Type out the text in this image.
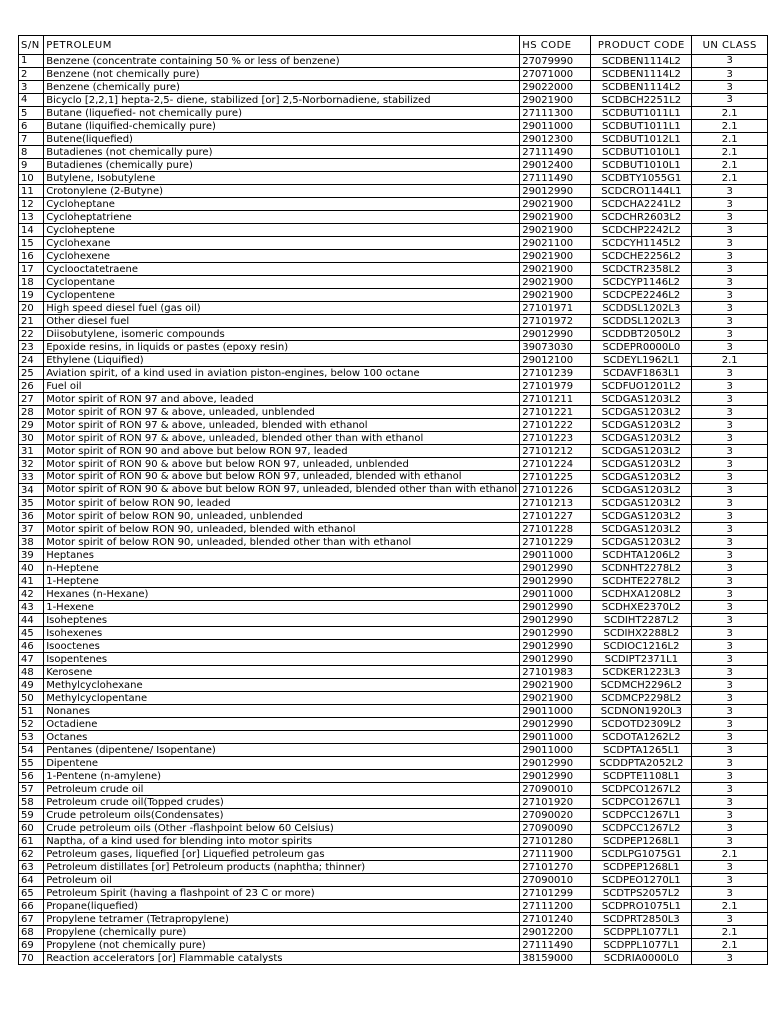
S/N	PETROLEUM	HS CODE	PRODUCT CODE	UN CLASS
1	Benzene (concentrate containing 50 % or less of benzene)	27079990	SCDBEN1114L2	3
2	Benzene (not chemically pure)	27071000	SCDBEN1114L2	3
3	Benzene (chemically pure)	29022000	SCDBEN1114L2	3
4	Bicyclo [2,2,1] hepta-2,5- diene, stabilized [or] 2,5-Norbornadiene, stabilized	29021900	SCDBCH2251L2	3
5	Butane (liquefied- not chemically pure)	27111300	SCDBUT1011L1	2.1
6	Butane (liquified-chemically pure)	29011000	SCDBUT1011L1	2.1
7	Butene(liquefied)	29012300	SCDBUT1012L1	2.1
8	Butadienes (not chemically pure)	27111490	SCDBUT1010L1	2.1
9	Butadienes (chemically pure)	29012400	SCDBUT1010L1	2.1
10	Butylene, Isobutylene	27111490	SCDBTY1055G1	2.1
11	Crotonylene (2-Butyne)	29012990	SCDCRO1144L1	3
12	Cycloheptane	29021900	SCDCHA2241L2	3
13	Cycloheptatriene	29021900	SCDCHR2603L2	3
14	Cycloheptene	29021900	SCDCHP2242L2	3
15	Cyclohexane	29021100	SCDCYH1145L2	3
16	Cyclohexene	29021900	SCDCHE2256L2	3
17	Cyclooctatetraene	29021900	SCDCTR2358L2	3
18	Cyclopentane	29021900	SCDCYP1146L2	3
19	Cyclopentene	29021900	SCDCPE2246L2	3
20	High speed diesel fuel (gas oil)	27101971	SCDDSL1202L3	3
21	Other diesel fuel	27101972	SCDDSL1202L3	3
22	Diisobutylene, isomeric compounds	29012990	SCDDBT2050L2	3
23	Epoxide resins, in liquids or pastes (epoxy resin)	39073030	SCDEPR0000L0	3
24	Ethylene (Liquified)	29012100	SCDEYL1962L1	2.1
25	Aviation spirit, of a kind used in aviation piston-engines, below 100 octane	27101239	SCDAVF1863L1	3
26	Fuel oil	27101979	SCDFUO1201L2	3
27	Motor spirit of RON 97 and above, leaded	27101211	SCDGAS1203L2	3
28	Motor spirit of RON 97 & above, unleaded, unblended	27101221	SCDGAS1203L2	3
29	Motor spirit of RON 97 & above, unleaded, blended with ethanol	27101222	SCDGAS1203L2	3
30	Motor spirit of RON 97 & above, unleaded, blended other than with ethanol	27101223	SCDGAS1203L2	3
31	Motor spirit of RON 90 and above but below RON 97, leaded	27101212	SCDGAS1203L2	3
32	Motor spirit of RON 90 & above but below RON 97, unleaded, unblended	27101224	SCDGAS1203L2	3
33	Motor spirit of RON 90 & above but below RON 97, unleaded, blended with ethanol	27101225	SCDGAS1203L2	3
34	Motor spirit of RON 90 & above but below RON 97, unleaded, blended other than with ethanol	27101226	SCDGAS1203L2	3
35	Motor spirit of below RON 90, leaded	27101213	SCDGAS1203L2	3
36	Motor spirit of below RON 90, unleaded, unblended	27101227	SCDGAS1203L2	3
37	Motor spirit of below RON 90, unleaded, blended with ethanol	27101228	SCDGAS1203L2	3
38	Motor spirit of below RON 90, unleaded, blended other than with ethanol	27101229	SCDGAS1203L2	3
39	Heptanes	29011000	SCDHTA1206L2	3
40	n-Heptene	29012990	SCDNHT2278L2	3
41	1-Heptene	29012990	SCDHTE2278L2	3
42	Hexanes (n-Hexane)	29011000	SCDHXA1208L2	3
43	1-Hexene	29012990	SCDHXE2370L2	3
44	Isoheptenes	29012990	SCDIHT2287L2	3
45	Isohexenes	29012990	SCDIHX2288L2	3
46	Isooctenes	29012990	SCDIOC1216L2	3
47	Isopentenes	29012990	SCDIPT2371L1	3
48	Kerosene	27101983	SCDKER1223L3	3
49	Methylcyclohexane	29021900	SCDMCH2296L2	3
50	Methylcyclopentane	29021900	SCDMCP2298L2	3
51	Nonanes	29011000	SCDNON1920L3	3
52	Octadiene	29012990	SCDOTD2309L2	3
53	Octanes	29011000	SCDOTA1262L2	3
54	Pentanes (dipentene/ Isopentane)	29011000	SCDPTA1265L1	3
55	Dipentene	29012990	SCDDPTA2052L2	3
56	1-Pentene (n-amylene)	29012990	SCDPTE1108L1	3
57	Petroleum crude oil	27090010	SCDPCO1267L2	3
58	Petroleum crude oil(Topped crudes)	27101920	SCDPCO1267L1	3
59	Crude petroleum oils(Condensates)	27090020	SCDPCC1267L1	3
60	Crude petroleum oils (Other -flashpoint below 60 Celsius)	27090090	SCDPCC1267L2	3
61	Naptha, of a kind used for blending into motor spirits	27101280	SCDPEP1268L1	3
62	Petroleum gases, liquefied [or] Liquefied petroleum gas	27111900	SCDLPG1075G1	2.1
63	Petroleum distillates [or] Petroleum products (naphtha; thinner)	27101270	SCDPEP1268L1	3
64	Petroleum oil	27090010	SCDPEO1270L1	3
65	Petroleum Spirit (having a flashpoint of 23 C or more)	27101299	SCDTPS2057L2	3
66	Propane(liquefied)	27111200	SCDPRO1075L1	2.1
67	Propylene tetramer (Tetrapropylene)	27101240	SCDPRT2850L3	3
68	Propylene (chemically pure)	29012200	SCDPPL1077L1	2.1
69	Propylene (not chemically pure)	27111490	SCDPPL1077L1	2.1
70	Reaction accelerators [or] Flammable catalysts	38159000	SCDRIA0000L0	3
